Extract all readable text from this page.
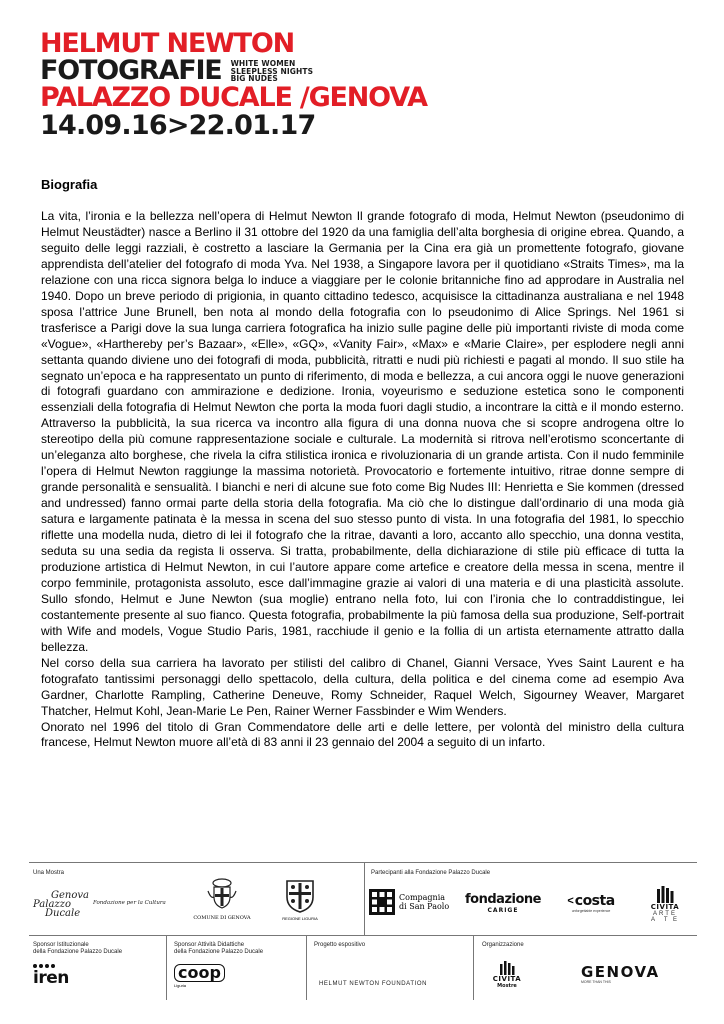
HELMUT NEWTON
FOTOGRAFIE WHITE WOMEN
SLEEPLESS NIGHTS
BIG NUDES
PALAZZO DUCALE /GENOVA
14.09.16>22.01.17
Biografia

La vita, l’ironia e la bellezza nell’opera di Helmut Newton Il grande fotografo di moda, Helmut Newton (pseudonimo di Helmut Neustädter) nasce a Berlino il 31 ottobre del 1920 da una famiglia dell’alta borghesia di origine ebrea. Quando, a seguito delle leggi razziali, è costretto a lasciare la Germania per la Cina era già un promettente fotografo, giovane apprendista dell’atelier del fotografo di moda Yva. Nel 1938, a Singapore lavora per il quotidiano «Straits Times», ma la relazione con una ricca signora belga lo induce a viaggiare per le colonie britanniche fino ad approdare in Australia nel 1940. Dopo un breve periodo di prigionia, in quanto cittadino tedesco, acquisisce la cittadinanza australiana e nel 1948 sposa l’attrice June Brunell, ben nota al mondo della fotografia con lo pseudonimo di Alice Springs. Nel 1961 si trasferisce a Parigi dove la sua lunga carriera fotografica ha inizio sulle pagine delle più importanti riviste di moda come «Vogue», «Harthereby per’s Bazaar», «Elle», «GQ», «Vanity Fair», «Max» e «Marie Claire», per esplodere negli anni settanta quando diviene uno dei fotografi di moda, pubblicità, ritratti e nudi più richiesti e pagati al mondo. Il suo stile ha segnato un’epoca e ha rappresentato un punto di riferimento, di moda e bellezza, a cui ancora oggi le nuove generazioni di fotografi guardano con ammirazione e dedizione. Ironia, voyeurismo e seduzione estetica sono le componenti essenziali della fotografia di Helmut Newton che porta la moda fuori dagli studio, a incontrare la città e il mondo esterno. Attraverso la pubblicità, la sua ricerca va incontro alla figura di una donna nuova che si scopre androgena oltre lo stereotipo della più comune rappresentazione sociale e culturale. La modernità si ritrova nell’erotismo sconcertante di un’eleganza alto borghese, che rivela la cifra stilistica ironica e rivoluzionaria di un grande artista. Con il nudo femminile l’opera di Helmut Newton raggiunge la massima notorietà. Provocatorio e fortemente intuitivo, ritrae donne sempre di grande personalità e sensualità. I bianchi e neri di alcune sue foto come Big Nudes III: Henrietta e Sie kommen (dressed and undressed) fanno ormai parte della storia della fotografia. Ma ciò che lo distingue dall’ordinario di una moda già satura e largamente patinata è la messa in scena del suo stesso punto di vista. In una fotografia del 1981, lo specchio riflette una modella nuda, dietro di lei il fotografo che la ritrae, davanti a loro, accanto allo specchio, una donna vestita, seduta su una sedia da regista li osserva. Si tratta, probabilmente, della dichiarazione di stile più efficace di tutta la produzione artistica di Helmut Newton, in cui l’autore appare come artefice e creatore della messa in scena, mentre il corpo femminile, protagonista assoluto, esce dall’immagine grazie ai valori di una materia e di una plasticità assolute. Sullo sfondo, Helmut e June Newton (sua moglie) entrano nella foto, lui con l’ironia che lo contraddistingue, lei costantemente presente al suo fianco. Questa fotografia, probabilmente la più famosa della sua produzione, Self-portrait with Wife and models, Vogue Studio Paris, 1981, racchiude il genio e la follia di un artista eternamente attratto dalla bellezza.

Nel corso della sua carriera ha lavorato per stilisti del calibro di Chanel, Gianni Versace, Yves Saint Laurent e ha fotografato tantissimi personaggi dello spettacolo, della cultura, della politica e del cinema come ad esempio Ava Gardner, Charlotte Rampling, Catherine Deneuve, Romy Schneider, Raquel Welch, Sigourney Weaver, Margaret Thatcher, Helmut Kohl, Jean-Marie Le Pen, Rainer Werner Fassbinder e Wim Wenders.

Onorato nel 1996 del titolo di Gran Commendatore delle arti e delle lettere, per volontà del ministro della cultura francese, Helmut Newton muore all’età di 83 anni il 23 gennaio del 2004 a seguito di un infarto.

Una Mostra
Genova
Palazzo
Ducale
Fondazione per la Cultura
COMUNE DI GENOVA	REGIONE LIGURIA
Partecipanti alla Fondazione Palazzo Ducale
Compagnia
di San Paolo fondazione
CARIGE
< costa
unforgettable experience	CIVITA
ARTE
A  T E
Sponsor Istituzionale
della Fondazione Palazzo Ducale
iren
Sponsor Attività Didattiche
della Fondazione Palazzo Ducale
coop
Liguria
Progetto espositivo
HELMUT NEWTON FOUNDATION
Organizzazione
CIVITA
Mostre
GENOVA
MORE THAN THIS
